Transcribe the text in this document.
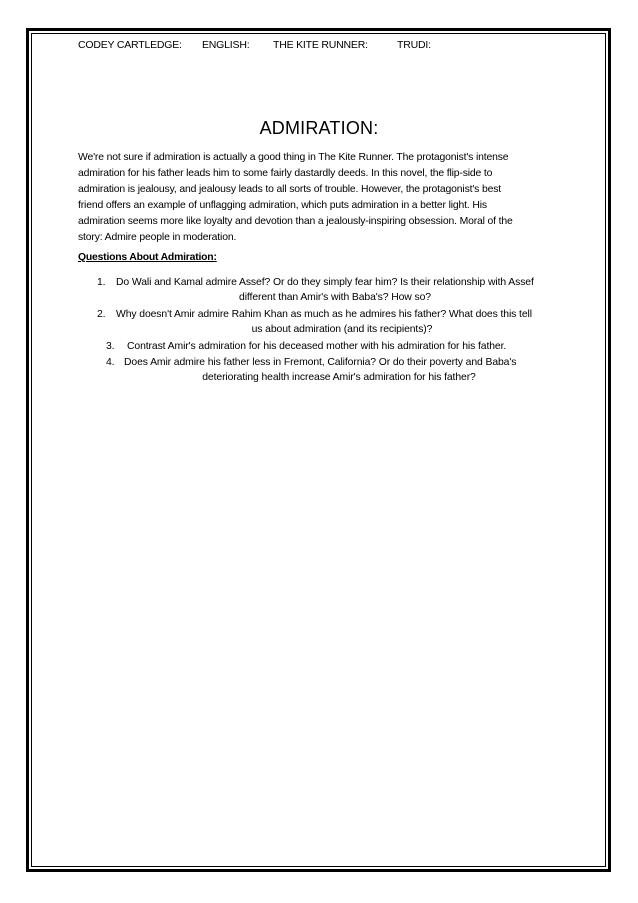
CODEY CARTLEDGE: ENGLISH: THE KITE RUNNER:	TRUDI:
ADMIRATION:
We're not sure if admiration is actually a good thing in The Kite Runner. The protagonist's intense
admiration for his father leads him to some fairly dastardly deeds. In this novel, the flip-side to
admiration is jealousy, and jealousy leads to all sorts of trouble. However, the protagonist's best
friend offers an example of unflagging admiration, which puts admiration in a better light. His
admiration seems more like loyalty and devotion than a jealously-inspiring obsession. Moral of the
story: Admire people in moderation.
Questions About Admiration:
1. Do Wali and Kamal admire Assef? Or do they simply fear him? Is their relationship with Assef
different than Amir's with Baba's? How so?
2. Why doesn't Amir admire Rahim Khan as much as he admires his father? What does this tell
us about admiration (and its recipients)?
3. Contrast Amir's admiration for his deceased mother with his admiration for his father.
4. Does Amir admire his father less in Fremont, California? Or do their poverty and Baba's
deteriorating health increase Amir's admiration for his father?
